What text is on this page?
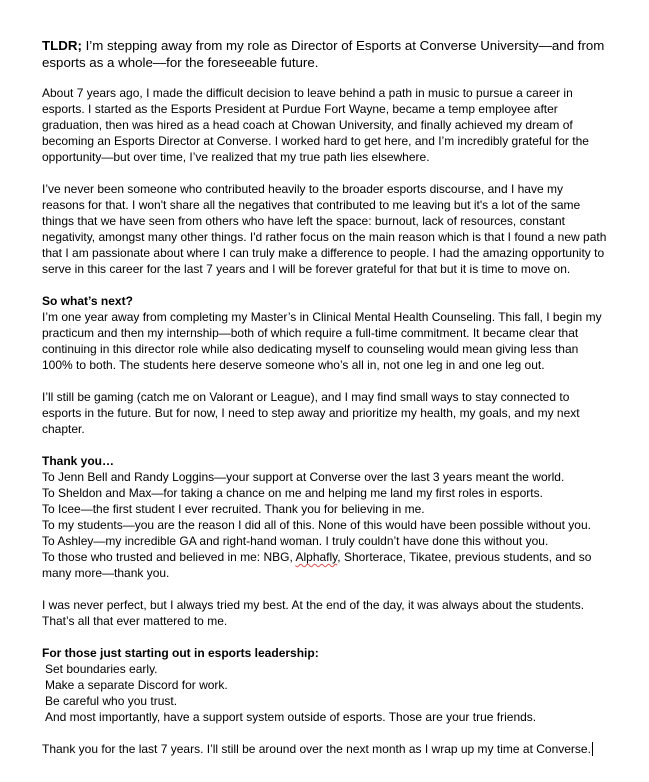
TLDR; I’m stepping away from my role as Director of Esports at Converse University—and from esports as a whole—for the foreseeable future.

About 7 years ago, I made the difficult decision to leave behind a path in music to pursue a career in esports. I started as the Esports President at Purdue Fort Wayne, became a temp employee after graduation, then was hired as a head coach at Chowan University, and finally achieved my dream of becoming an Esports Director at Converse. I worked hard to get here, and I’m incredibly grateful for the opportunity—but over time, I’ve realized that my true path lies elsewhere.

I’ve never been someone who contributed heavily to the broader esports discourse, and I have my reasons for that. I won't share all the negatives that contributed to me leaving but it's a lot of the same things that we have seen from others who have left the space: burnout, lack of resources, constant negativity, amongst many other things. I'd rather focus on the main reason which is that I found a new path that I am passionate about where I can truly make a difference to people. I had the amazing opportunity to serve in this career for the last 7 years and I will be forever grateful for that but it is time to move on.

So what’s next?

I’m one year away from completing my Master’s in Clinical Mental Health Counseling. This fall, I begin my practicum and then my internship—both of which require a full-time commitment. It became clear that continuing in this director role while also dedicating myself to counseling would mean giving less than 100% to both. The students here deserve someone who’s all in, not one leg in and one leg out.

I’ll still be gaming (catch me on Valorant or League), and I may find small ways to stay connected to esports in the future. But for now, I need to step away and prioritize my health, my goals, and my next chapter.

Thank you…
To Jenn Bell and Randy Loggins—your support at Converse over the last 3 years meant the world.
To Sheldon and Max—for taking a chance on me and helping me land my first roles in esports.
To Icee—the first student I ever recruited. Thank you for believing in me.
To my students—you are the reason I did all of this. None of this would have been possible without you.
To Ashley—my incredible GA and right-hand woman. I truly couldn’t have done this without you.
To those who trusted and believed in me: NBG, Alphafly, Shorterace, Tikatee, previous students, and so many more—thank you.

I was never perfect, but I always tried my best. At the end of the day, it was always about the students. That’s all that ever mattered to me.

For those just starting out in esports leadership:
Set boundaries early.
Make a separate Discord for work.
Be careful who you trust.
And most importantly, have a support system outside of esports. Those are your true friends.
Thank you for the last 7 years. I’ll still be around over the next month as I wrap up my time at Converse.
